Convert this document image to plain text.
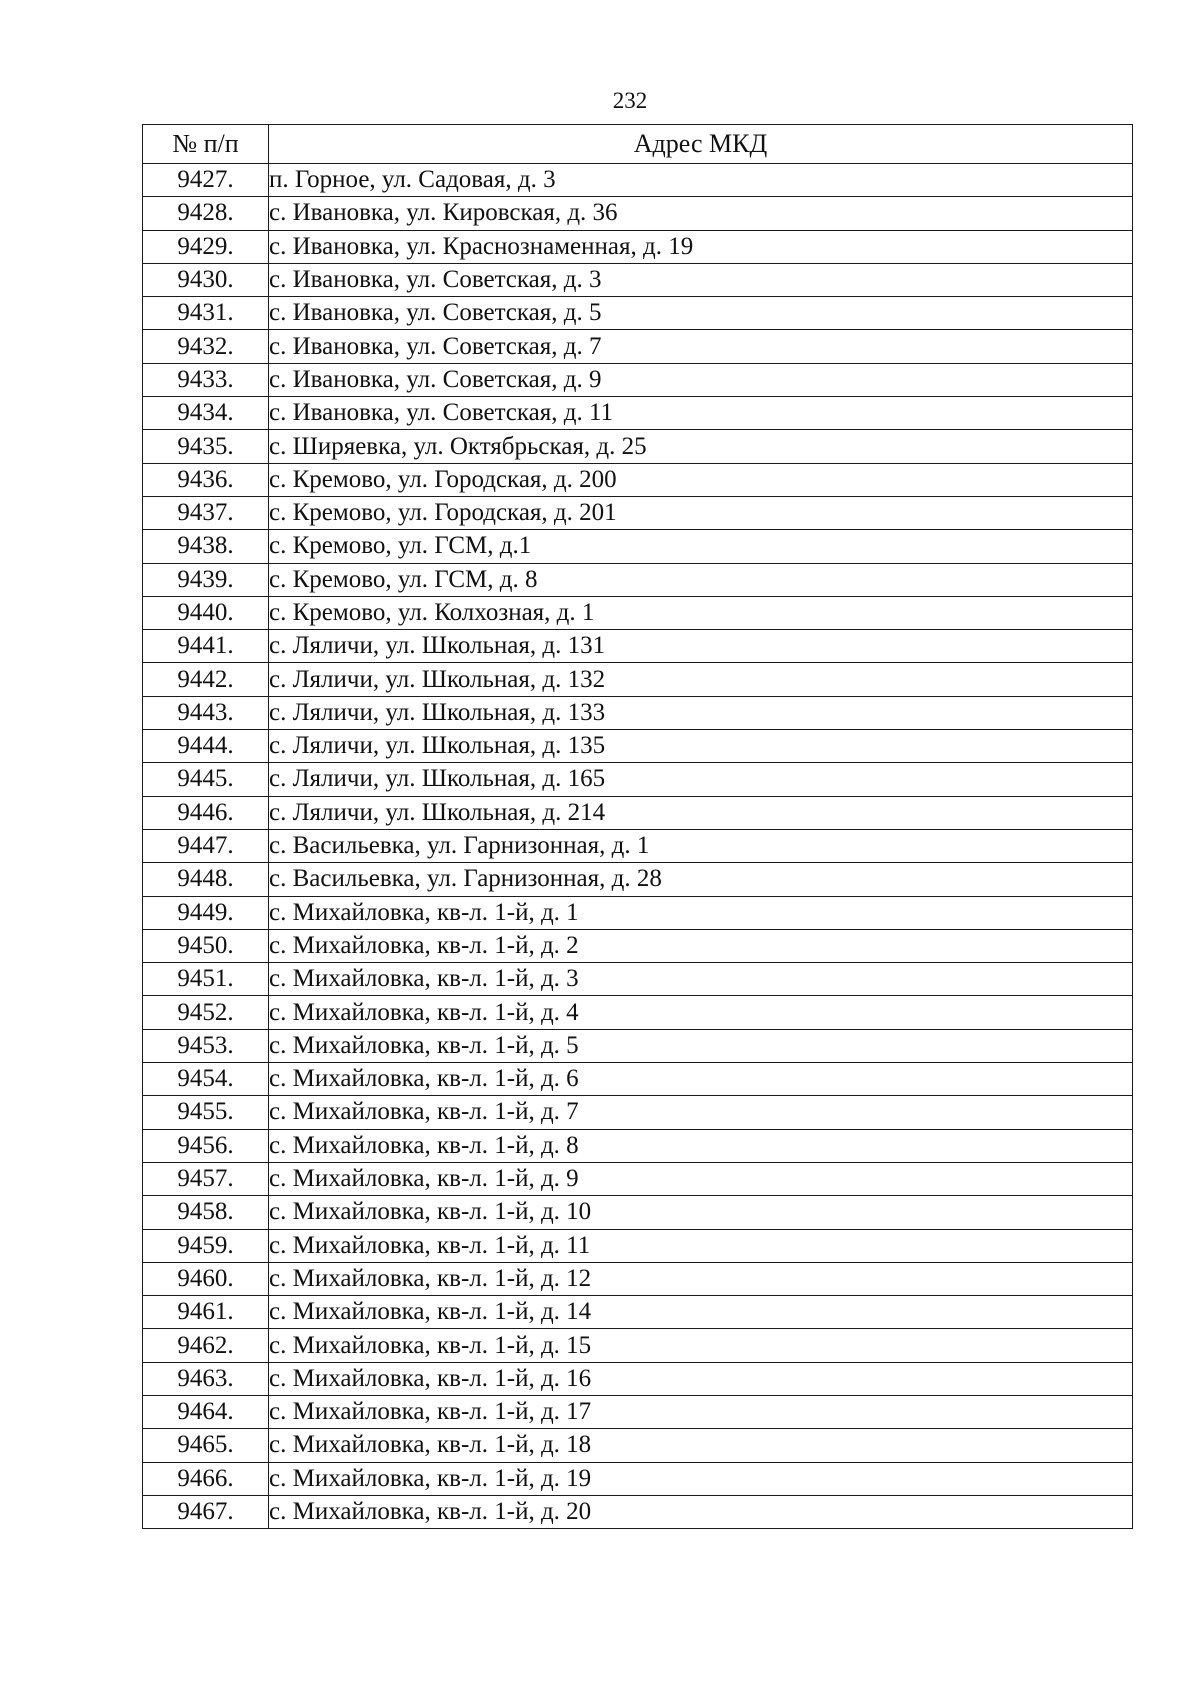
232
№ п/п	Адрес МКД
9427.	п. Горное, ул. Садовая, д. 3
9428.	с. Ивановка, ул. Кировская, д. 36
9429.	с. Ивановка, ул. Краснознаменная, д. 19
9430.	с. Ивановка, ул. Советская, д. 3
9431.	с. Ивановка, ул. Советская, д. 5
9432.	с. Ивановка, ул. Советская, д. 7
9433.	с. Ивановка, ул. Советская, д. 9
9434.	с. Ивановка, ул. Советская, д. 11
9435.	с. Ширяевка, ул. Октябрьская, д. 25
9436.	с. Кремово, ул. Городская, д. 200
9437.	с. Кремово, ул. Городская, д. 201
9438.	с. Кремово, ул. ГСМ, д.1
9439.	с. Кремово, ул. ГСМ, д. 8
9440.	с. Кремово, ул. Колхозная, д. 1
9441.	с. Ляличи, ул. Школьная, д. 131
9442.	с. Ляличи, ул. Школьная, д. 132
9443.	с. Ляличи, ул. Школьная, д. 133
9444.	с. Ляличи, ул. Школьная, д. 135
9445.	с. Ляличи, ул. Школьная, д. 165
9446.	с. Ляличи, ул. Школьная, д. 214
9447.	с. Васильевка, ул. Гарнизонная, д. 1
9448.	с. Васильевка, ул. Гарнизонная, д. 28
9449.	с. Михайловка, кв-л. 1-й, д. 1
9450.	с. Михайловка, кв-л. 1-й, д. 2
9451.	с. Михайловка, кв-л. 1-й, д. 3
9452.	с. Михайловка, кв-л. 1-й, д. 4
9453.	с. Михайловка, кв-л. 1-й, д. 5
9454.	с. Михайловка, кв-л. 1-й, д. 6
9455.	с. Михайловка, кв-л. 1-й, д. 7
9456.	с. Михайловка, кв-л. 1-й, д. 8
9457.	с. Михайловка, кв-л. 1-й, д. 9
9458.	с. Михайловка, кв-л. 1-й, д. 10
9459.	с. Михайловка, кв-л. 1-й, д. 11
9460.	с. Михайловка, кв-л. 1-й, д. 12
9461.	с. Михайловка, кв-л. 1-й, д. 14
9462.	с. Михайловка, кв-л. 1-й, д. 15
9463.	с. Михайловка, кв-л. 1-й, д. 16
9464.	с. Михайловка, кв-л. 1-й, д. 17
9465.	с. Михайловка, кв-л. 1-й, д. 18
9466.	с. Михайловка, кв-л. 1-й, д. 19
9467.	с. Михайловка, кв-л. 1-й, д. 20
